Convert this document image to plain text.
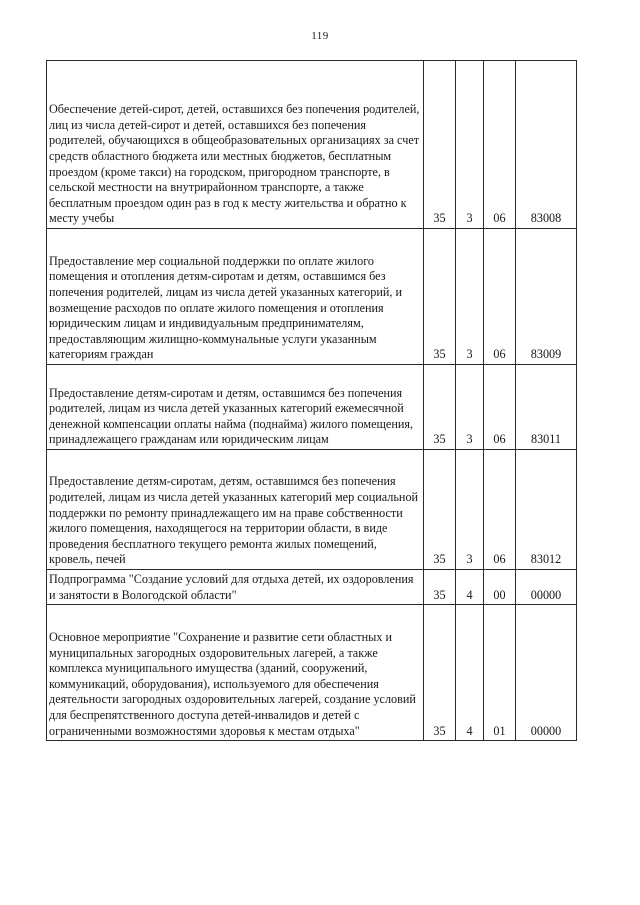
119
Обеспечение детей-сирот, детей, оставшихся без попечения родителей, лиц из числа детей-сирот и детей, оставшихся без попечения родителей, обучающихся в общеобразовательных организациях за счет средств областного бюджета или местных бюджетов, бесплатным проездом (кроме такси) на городском, пригородном транспорте, в сельской местности на внутрирайонном транспорте, а также бесплатным проездом один раз в год к месту жительства и обратно к месту учебы	35	3	06	83008
Предоставление мер социальной поддержки по оплате жилого помещения и отопления детям-сиротам и детям, оставшимся без попечения родителей, лицам из числа детей указанных категорий, и возмещение расходов по оплате жилого помещения и отопления юридическим лицам и индивидуальным предпринимателям, предоставляющим жилищно-коммунальные услуги указанным категориям граждан	35	3	06	83009
Предоставление детям-сиротам и детям, оставшимся без попечения родителей, лицам из числа детей указанных категорий ежемесячной денежной компенсации оплаты найма (поднайма) жилого помещения, принадлежащего гражданам или юридическим лицам	35	3	06	83011
Предоставление детям-сиротам, детям, оставшимся без попечения родителей, лицам из числа детей указанных категорий мер социальной поддержки по ремонту принадлежащего им на праве собственности жилого помещения, находящегося на территории области, в виде проведения бесплатного текущего ремонта жилых помещений, кровель, печей	35	3	06	83012
Подпрограмма "Создание условий для отдыха детей, их оздоровления и занятости в Вологодской области"	35	4	00	00000
Основное мероприятие "Сохранение и развитие сети областных и муниципальных загородных оздоровительных лагерей, а также комплекса муниципального имущества (зданий, сооружений, коммуникаций, оборудования), используемого для обеспечения деятельности загородных оздоровительных лагерей, создание условий для беспрепятственного доступа детей-инвалидов и детей с ограниченными возможностями здоровья к местам отдыха"	35	4	01	00000
